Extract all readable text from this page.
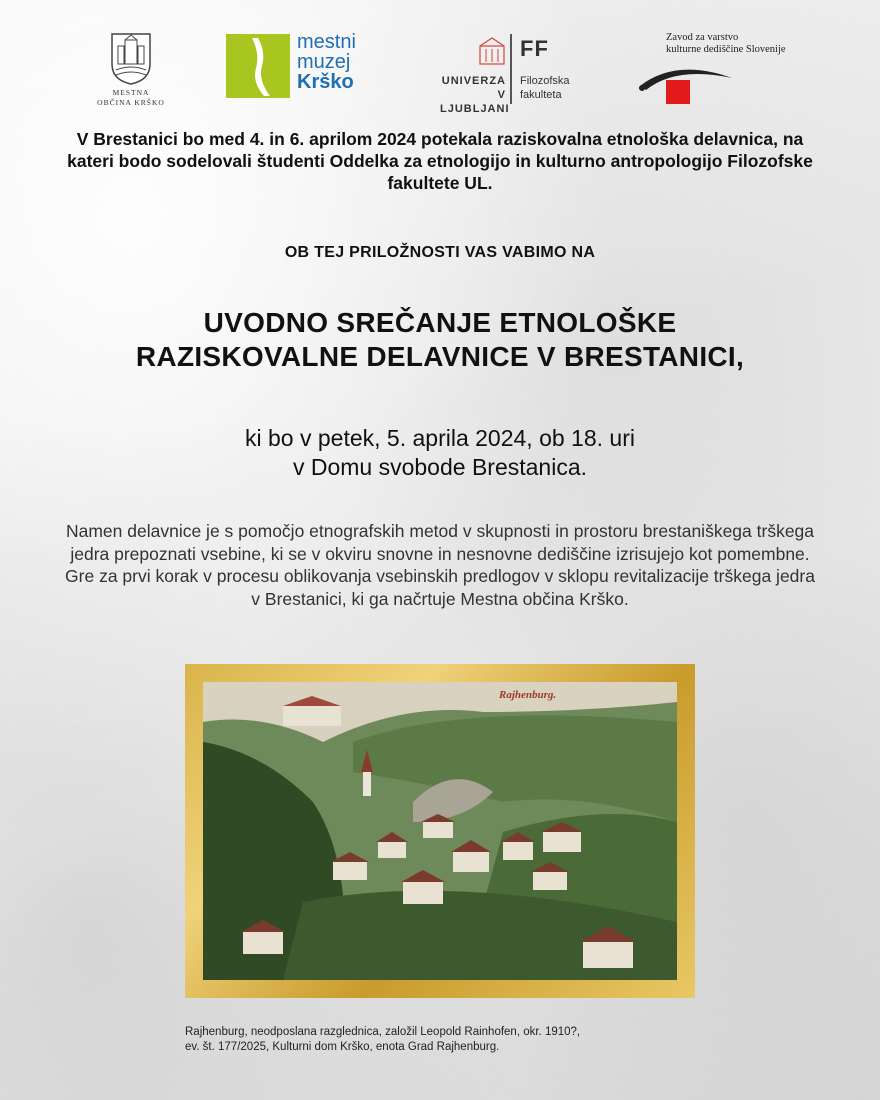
MESTNA
OBČINA KRŠKO
mestni
muzej
Krško	UNIVERZA
V LJUBLJANI
FF
Filozofska
fakulteta
Zavod za varstvo
kulturne dediščine Slovenije
V Brestanici bo med 4. in 6. aprilom 2024 potekala raziskovalna etnološka delavnica, na kateri bodo sodelovali študenti Oddelka za etnologijo in kulturno antropologijo Filozofske fakultete UL.
OB TEJ PRILOŽNOSTI VAS VABIMO NA
UVODNO SREČANJE ETNOLOŠKE
RAZISKOVALNE DELAVNICE V BRESTANICI,
ki bo v petek, 5. aprila 2024, ob 18. uri
v Domu svobode Brestanica.
Namen delavnice je s pomočjo etnografskih metod v skupnosti in prostoru brestaniškega trškega jedra prepoznati vsebine, ki se v okviru snovne in nesnovne dediščine izrisujejo kot pomembne. Gre za prvi korak v procesu oblikovanja vsebinskih predlogov v sklopu revitalizacije trškega jedra v Brestanici, ki ga načrtuje Mestna občina Krško.
Rajhenburg.
Rajhenburg, neodposlana razglednica, založil Leopold Rainhofen, okr. 1910?,
ev. št. 177/2025, Kulturni dom Krško, enota Grad Rajhenburg.
